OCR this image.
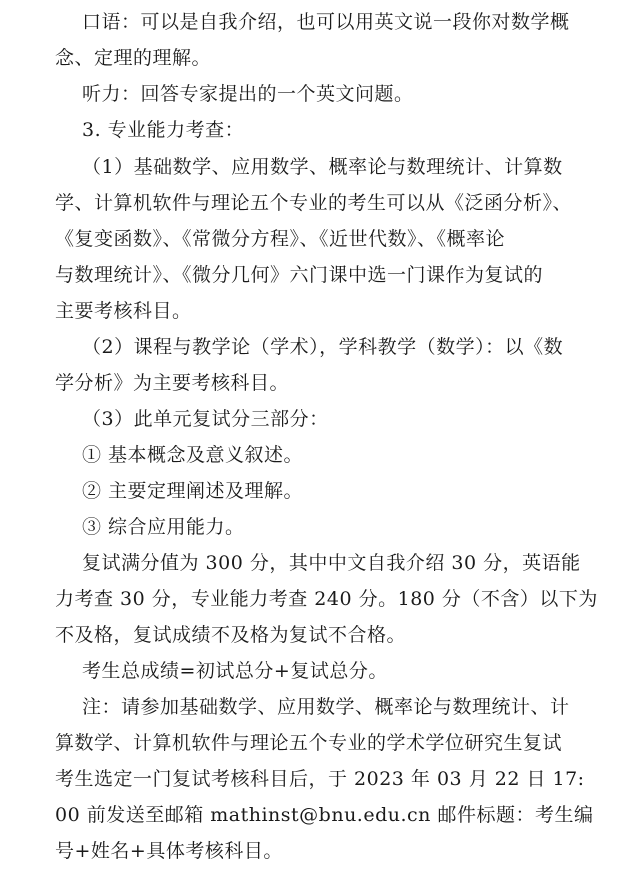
口语：可以是自我介绍，也可以用英文说一段你对数学概
念、定理的理解。
听力：回答专家提出的一个英文问题。
3. 专业能力考查：
（1）基础数学、应用数学、概率论与数理统计、计算数
学、计算机软件与理论五个专业的考生可以从《泛函分析》、
《复变函数》、《常微分方程》、《近世代数》、《概率论
与数理统计》、《微分几何》六门课中选一门课作为复试的
主要考核科目。
（2）课程与教学论（学术），学科教学（数学）：以《数
学分析》为主要考核科目。
（3）此单元复试分三部分：
① 基本概念及意义叙述。
② 主要定理阐述及理解。
③ 综合应用能力。
复试满分值为 300 分，其中中文自我介绍 30 分，英语能
力考查 30 分，专业能力考查 240 分。180 分（不含）以下为
不及格，复试成绩不及格为复试不合格。
考生总成绩=初试总分+复试总分。
注：请参加基础数学、应用数学、概率论与数理统计、计
算数学、计算机软件与理论五个专业的学术学位研究生复试
考生选定一门复试考核科目后，于 2023 年 03 月 22 日 17:
00 前发送至邮箱 mathinst@bnu.edu.cn 邮件标题：考生编
号+姓名+具体考核科目。
